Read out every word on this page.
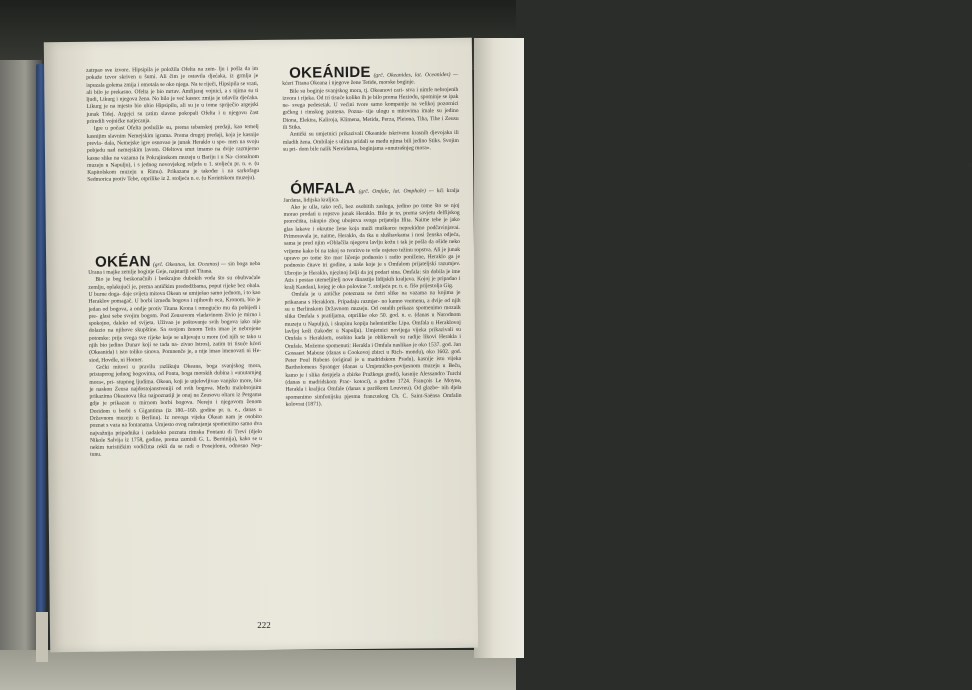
u

zatrpao sve izvore. Hipsipila je položila Ofelta na zem- lju i pošla da im pokaže izvor skriven u šumi. Ali čim je ostavila djećaka, iz grmlja je ispuzala golema zmija i omotala se oko njega. Na te riječi, Hipsipila se vrati, ali bilo je prekasno. Ofelta je bio mrtav. Amfijaraj vojnici, a s njima su ti ljudi, Likurg i njegova žena. No bilo je već kasno: zmija je udavila djećaka. Likurg je na mjesto bio ubio Hipsipilu, ali su je u tome spriječio argejski junak Tidej. Argejci su zatim slavno pokopali Ofelta i u njegovu čast priredili vojničke natjecanja.

Igre u počast Ofelta poslužile su, prema tebanskoj predaji, kao temelj kasnijim slavnim Nemejskim igrama. Prema drugoj predaji, koja je kasnije prevla- dala, Nemejske igre osnovao je junak Heraklo u spo- men na svoju pobjedu nad nemejskim lavom. Ofeltovu smrt imamo na dvije razmjerno kasne slike na vazama (u Pokrajinskom muzeju u Bariju i u Na- cionalnom muzeju u Napulju), i s jednog novovjekog reljefa u 1. stoljeću pr. n. e. (u Kapitolskom muzeju u Rimu). Prikazana je također i na sarkofagu Sedmorica protiv Tebe, otprilike iz 2. stoljeća n. e. (u Korintskom muzeju).

OKÉAN (grč. Okeanos, lat. Oceanus) — sin boga neba Urana i majke zemlje boginje Geje, najstariji od Titana.

Bio je bog beskonačnih i beskrajno dubokih voda što su obuhvaćale zemlju, oplakujući je, prema antičkim predodžbama, poput rijeke bez obala. U burne doga- đaje svijeta mitova Okean se umiješao samo jednom, i to kao Heraklov pomagač. U borbi između bogova i njihovih oca, Kronom, bio je jedan od bogova, a ondje protiv Titana Krona i omogućio mu da pobijedi i pre- glasi sebe svojim bogom. Pod Zeusovom vladavinom živio je mirno i spokojno, daleko od svijeta. Uživao je poštovanje svih bogova iako nije dolazio na njihove skupštine. Sa svojom ženom Tetis imao je nebrojene potomke: prije svega sve rijeke koje se ulijevaju u more (od njih se tako u njih bio jedino Dunav koji se tada na- zivao Istros), zatim tri tisuće kćeri (Okeanida) i isto toliko sinova. Pomnenče je, a nije imao imenovati ni He- siod, Hovdle, ni Homer.

Grčki mitovi u pravilu razlikuju Okeana, boga svanjskog mora, pristaprrog jednog bogovima, od Ponta, boga morskih dubina i »unutarnjeg mora«, pri- stupnog ljudima. Okean, koji je utjelovljivao vanjsko more, bio je naskon Zeusa najdostojanstveniji od svih bogova. Među malobrojnim prikazima Okeanova lika najpoznatiji je onaj na Zeusovu oltaru iz Pergama gdje je prikazan u mirnom borbi bogova. Nereju i njegovom ženom Doridom u borbi s Gigantima (iz 180.–160. godine pr. n. e., danas u Državnom muzeju u Berlinu). Iz novoga vijeka Okean nam je osobito poznat s vaza na fontanama. Umjesto ovog nabrajanja spomenimo samo dva najvažnija pripadnika i nadaleko poznata rimska Fontanu di Trevi (djelo Nikole Salvija iz 1758, godine, prema zamisli G. L. Berninija), kako se u nekim turističkim vodičima rekli da se radi o Posejdonu, odnosno Nep- tunu.

OKEÁNIDE (grč. Okeanides, lat. Oceanides) — kćeri Titana Okeana i njegove žene Tetide, morske boginje.

Bile su boginje svanjskog mora, tj. Okeanovi cari- stva i nimfe nebrojenih izvora i rijeka. Od tri tisuće koliko ih je bilo prema Heziodu, spominje se ipak ne- svega pedesetak. U većini tvore samo kompanije na velikoj pozornici grčkog i rimskog pantena. Pozna- tije ulogu u mitovima imale su jedino Diona, Elektra, Kaliroja, Klimena, Metida, Perza, Pleiona, Tiha, Tihe i Zeusu ili Stiks.

Antički su umjetnici prikazivali Okeanide iskrivenu krasnih djevojaka ili mladih žena. Ombilaje s ulima pridali se među njima bili jedino Stiks. Svojim su pri- dom bile nalik Nereidama, boginjama »unutrašnjeg mora«.

ÓMFALA (grč. Omfale, lat. Omphale) — kći kralja Jardana, lidijska kraljica.

Ako je ulla, tako reći, bez osobitih zasluga, jedino po tome što se njoj moraо prodati u ropstvo junak Heraklo. Bilo je to, prema savjetu delfijskog proročišta, iskupio zbog ubojstva svoga prijatelja Ifita. Naime tebe je jako glas lakave i okrutne žene koja muži muškarce neprekidno podčavinjavai. Primoravala je, naime, Heraklo, da tka u slušhavkama i nosi ženska odjeća, sama je pred njim »Oblačila njegovu lavlju kožu i tak je pošla da ošide neko vrijeme kako bi na takoj so tvoritvo te vrle osjeteo težinu ropstva. Ali je junak upravo po tome što mor ličenje podnosio i radio ponižene, Heraklo ga je podnosio čitave tri godine, a naše koje je s Omfalom prijateljski razumjev. Ubrojio je Heraklo, njezinoj želji da joj podari sina. Omfala: sin dobila je ime Atis i postao utemeljitelj nove dinastije lidijskih kraljeva. Kojoj je pripadao i kralj Kandaul, kojeg je oko polovine 7. stoljeća pr. n. e. fišo prijestolja Gig.

Omfala je u antičke poteznata se četri slike na vazama na kojima je prikazana s Heraklom. Pripadaju razmjer- no kanno vremenu, a dvije od njih su u Berlinskom Državnom muzeju. Od ostalih prikaza spomenimo mozaik slika Omfala s pratiljama, otprilike oko 50. god. n. e. (danas u Narodnom muzeju u Napulju), i skupinu kopija helenističke Lipa. Omfala u Heraklovoj lavljoj koži (također u Napulju). Umjetnici novijega vijeka prikazivali su Omfala s Heraklom, osobito kada je oblikovali su radije likovi Herakla i Omfale. Možemo spomenuti: Herakla i Omfala naslikao je oko 1537. god. Jan Gossaert Mabuse (danas u Cookovoj zbirci u Rich- mondu), oko 1602. god. Peter Poul Rubens (original je u madridskom Pradu), kasnije istu vijeka Bartholomeus Spranger (danas u Umjetničko-povijesnom muzeju u Beču, kamo je i slika dospjela a zbirke Pražkoga gradi), kasnije Alessandro Turchi (danas u madridskom Prac- kotoci), a godine 1724. François Le Moyne, Herakla i kraljica Omfale (danas u pariškom Louvreu). Od glazbe- nih djela spomenimo simfonijsku pjesmu francuskog Ch. C. Saint-Saënsa Omfalin kolovrat (1871).

222
